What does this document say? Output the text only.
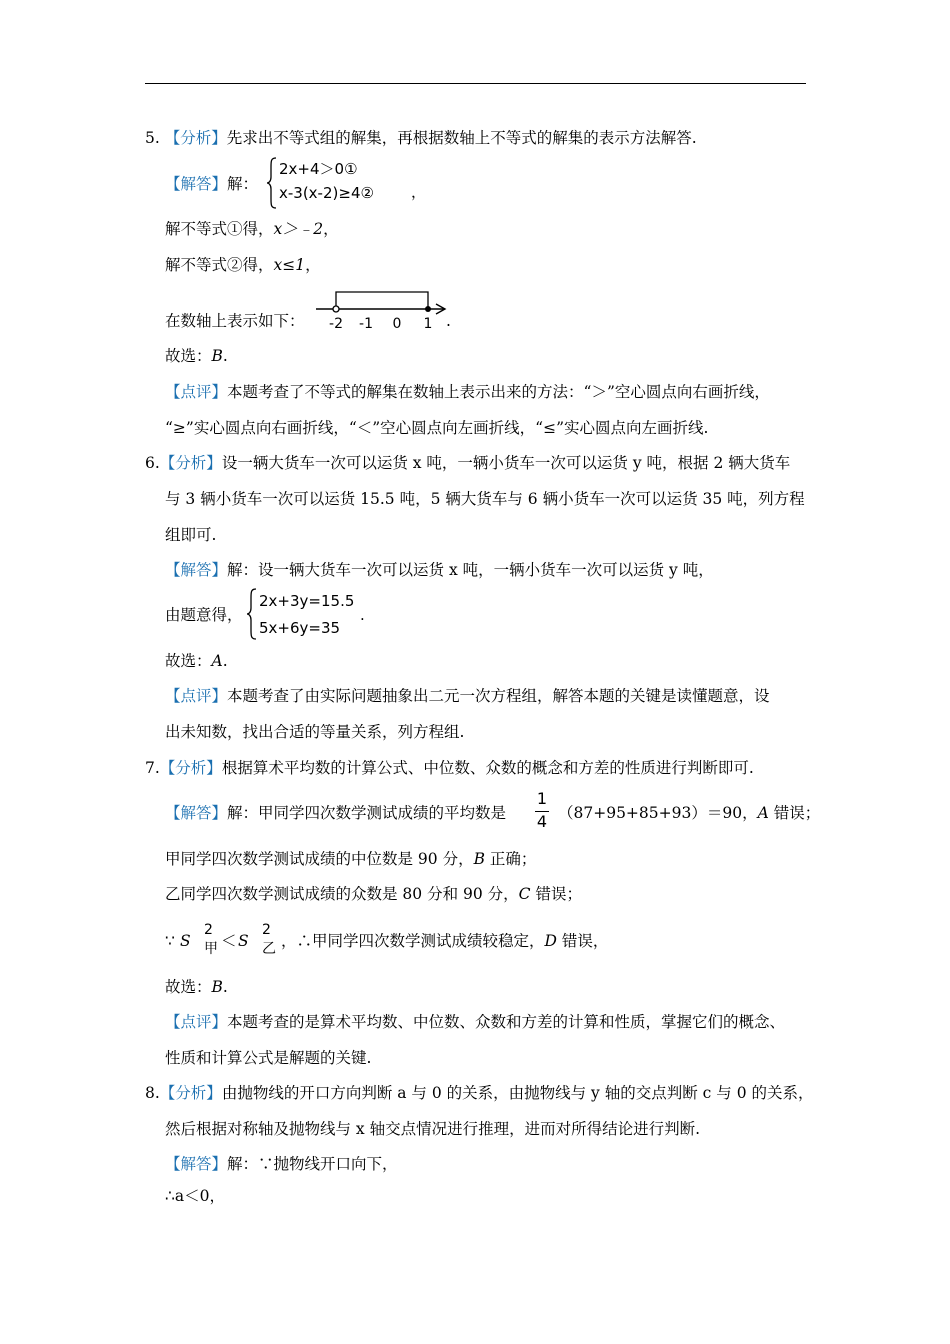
5. 【分析】先求出不等式组的解集，再根据数轴上不等式的解集的表示方法解答.
【解答】解：
2x+4＞0①
x-3(x-2)≥4② ，
解不等式①得，x＞﹣2，
解不等式②得，x≤1，
在数轴上表示如下： -2 -1 0 1 .
故选：B.
【点评】本题考查了不等式的解集在数轴上表示出来的方法：“＞”空心圆点向右画折线，
“≥”实心圆点向右画折线，“＜”空心圆点向左画折线，“≤”实心圆点向左画折线.
6.【分析】设一辆大货车一次可以运货 x 吨，一辆小货车一次可以运货 y 吨，根据 2 辆大货车
与 3 辆小货车一次可以运货 15.5 吨，5 辆大货车与 6 辆小货车一次可以运货 35 吨，列方程
组即可.
【解答】解：设一辆大货车一次可以运货 x 吨，一辆小货车一次可以运货 y 吨，
由题意得，
2x+3y=15.5
5x+6y=35
.
故选：A.
【点评】本题考查了由实际问题抽象出二元一次方程组，解答本题的关键是读懂题意，设
出未知数，找出合适的等量关系，列方程组.
7.【分析】根据算术平均数的计算公式、中位数、众数的概念和方差的性质进行判断即可.
【解答】解：甲同学四次数学测试成绩的平均数是
1
4 （87+95+85+93）＝90，A 错误；
甲同学四次数学测试成绩的中位数是 90 分，B 正确；
乙同学四次数学测试成绩的众数是 80 分和 90 分，C 错误；
∵ S
2
甲 ＜ S
2
乙 ，∴甲同学四次数学测试成绩较稳定，D 错误，
故选：B.
【点评】本题考查的是算术平均数、中位数、众数和方差的计算和性质，掌握它们的概念、
性质和计算公式是解题的关键.
8.【分析】由抛物线的开口方向判断 a 与 0 的关系，由抛物线与 y 轴的交点判断 c 与 0 的关系，
然后根据对称轴及抛物线与 x 轴交点情况进行推理，进而对所得结论进行判断.
【解答】解：∵抛物线开口向下，
∴a＜0，
